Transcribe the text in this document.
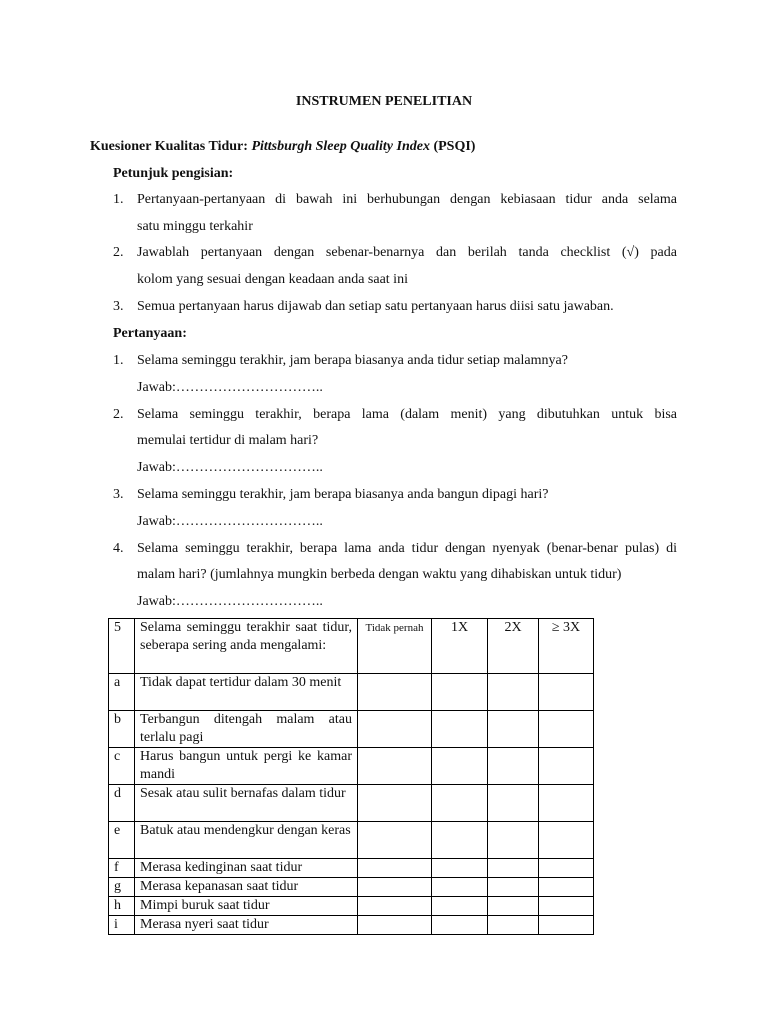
INSTRUMEN PENELITIAN
Kuesioner Kualitas Tidur: Pittsburgh Sleep Quality Index (PSQI)
Petunjuk pengisian:
1. Pertanyaan-pertanyaan di bawah ini berhubungan dengan kebiasaan tidur anda selama
satu minggu terkahir
2. Jawablah pertanyaan dengan sebenar-benarnya dan berilah tanda checklist (√) pada
kolom yang sesuai dengan keadaan anda saat ini
3. Semua pertanyaan harus dijawab dan setiap satu pertanyaan harus diisi satu jawaban.
Pertanyaan:
1. Selama seminggu terakhir, jam berapa biasanya anda tidur setiap malamnya?
Jawab:…………………………..
2. Selama seminggu terakhir, berapa lama (dalam menit) yang dibutuhkan untuk bisa
memulai tertidur di malam hari?
Jawab:…………………………..
3. Selama seminggu terakhir, jam berapa biasanya anda bangun dipagi hari?
Jawab:…………………………..
4. Selama seminggu terakhir, berapa lama anda tidur dengan nyenyak (benar-benar pulas) di
malam hari? (jumlahnya mungkin berbeda dengan waktu yang dihabiskan untuk tidur)
Jawab:…………………………..
5	Selama seminggu terakhir saat tidur, seberapa sering anda mengalami:	Tidak pernah	1X	2X	≥ 3X
a	Tidak dapat tertidur dalam 30 menit				
b	Terbangun ditengah malam atau terlalu pagi				
c	Harus bangun untuk pergi ke kamar mandi				
d	Sesak atau sulit bernafas dalam tidur				
e	Batuk atau mendengkur dengan keras				
f	Merasa kedinginan saat tidur				
g	Merasa kepanasan saat tidur				
h	Mimpi buruk saat tidur				
i	Merasa nyeri saat tidur				
